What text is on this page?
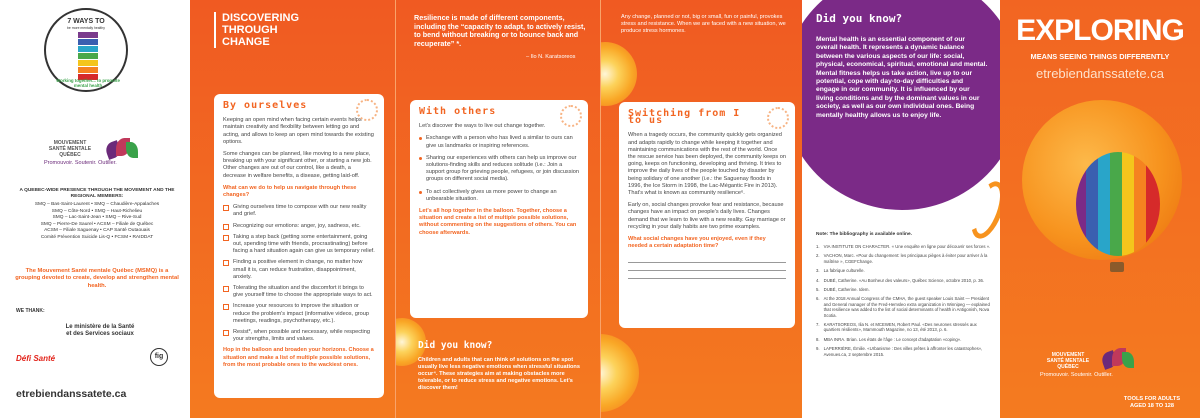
7 WAYS TO
be more mentally healthy
Working together... to promote mental health
MOUVEMENT
SANTÉ MENTALE
QUÉBEC
Promouvoir. Soutenir. Outiller.
A QUEBEC-WIDE PRESENCE THROUGH THE MOVEMENT AND THE REGIONAL MEMBERS:
SMQ – Bas-Saint-Laurent • SMQ – Chaudière-Appalaches
SMQ – Côte-Nord • SMQ – Haut-Richelieu
SMQ – Lac-Saint-Jean • SMQ – Rive-Sud
SMQ – Pierre-De Saurel • ACSM – Filiale de Québec
ACSM – Filiale Saguenay • CAP Santé Outaouais
Comité Prévention Suicide Lis-Q • FCSM • RAIDDAT
The Mouvement Santé mentale Québec (MSMQ) is a grouping devoted to create, develop and strengthen mental health.
WE THANK:
Le ministère de la Santé
et des Services sociaux
Défi Santé	fig
etrebiendanssatete.ca
DISCOVERING
THROUGH
CHANGE
By ourselves

Keeping an open mind when facing certain events helps maintain creativity and flexibility between letting go and acting, and allows to keep an open mind towards the existing options.

Some changes can be planned, like moving to a new place, breaking up with your significant other, or starting a new job. Other changes are out of our control, like a death, a decrease in welfare benefits, a disease, getting laid-off.

What can we do to help us navigate through these changes?

Giving ourselves time to compose with our new reality and grief.
Recognizing our emotions: anger, joy, sadness, etc.
Taking a step back (getting some entertainment, going out, spending time with friends, procrastinating) before facing a hard situation again can give us temporary relief.
Finding a positive element in change, no matter how small it is, can reduce frustration, disappointment, anxiety.
Tolerating the situation and the discomfort it brings to give yourself time to choose the appropriate ways to act.
Increase your resources to improve the situation or reduce the problem's impact (informative videos, group meetings, readings, psychotherapy, etc.).
Resist*, when possible and necessary, while respecting your strengths, limits and values.

Hop in the balloon and broaden your horizons. Choose a situation and make a list of multiple possible solutions, from the most probable ones to the wackiest ones.

Resilience is made of different components, including the “capacity to adapt, to actively resist, to bend without breaking or to bounce back and recuperate” *.
– Ilo N. Karatsoreos
With others

Let's discover the ways to live out change together.

Exchange with a person who has lived a similar to ours can give us landmarks or inspiring references.
Sharing our experiences with others can help us improve our solutions-finding skills and reduces solitude (i.e.: Join a support group for grieving people, refugees, or join discussion groups on different social media).
To act collectively gives us more power to change an unbearable situation.

Let's all hop together in the balloon. Together, choose a situation and create a list of multiple possible solutions, without commenting on the suggestions of others. You can choose afterwards.

Did you know?
Children and adults that can think of solutions on the spot usually live less negative emotions when stressful situations occur⁴. These strategies aim at making obstacles more tolerable, or to reduce stress and negative emotions. Let's discover them!
Any change, planned or not, big or small, fun or painful, provokes stress and resistance. When we are faced with a new situation, we produce stress hormones.
Switching from I to us

When a tragedy occurs, the community quickly gets organized and adapts rapidly to change while keeping it together and maintaining communications with the rest of the world. Once the rescue service has been deployed, the community keeps on going, keeps on functioning, developing and thriving. It tries to improve the daily lives of the people touched by disaster by being solidary of one another (i.e.: the Saguenay floods in 1996, the Ice Storm in 1998, the Lac-Mégantic Fire in 2013). That's what is known as community resilience⁶.

Early on, social changes provoke fear and resistance, because changes have an impact on people's daily lives. Changes demand that we learn to live with a new reality. Gay marriage or recycling in your daily habits are two prime examples.

What social changes have you enjoyed, even if they needed a certain adaptation time?

Did you know?
Mental health is an essential component of our overall health. It represents a dynamic balance between the various aspects of our life: social, physical, economical, spiritual, emotional and mental. Mental fitness helps us take action, live up to our potential, cope with day-to-day difficulties and engage in our community. It is influenced by our living conditions and by the dominant values in our society, as well as our own individual ones. Being mentally healthy allows us to enjoy life.
Note: The bibliography is available online.
1. VIA INSTITUTE ON CHARACTER. « Une enquête en ligne pour découvrir ses forces ».
2. VACHON, Marc. «Pour du changement: les principaux pièges à éviter pour arriver à la maîtrise », CGEFChange.
3. La fabrique culturelle.
4. DUBÉ, Catherine. «Au Bonheur des valeurs», Québec Science, octobre 2010, p. 36.
5. DUBÉ, Catherine. Idem.
6. At the 2018 Annual Congress of the CMHA, the guest speaker Louis Saint — President and General manager of the Fred-Hemsleo extra organization in Winnipeg — explained that resilience was added to the list of social determinants of health in Antigonish, Nova Scotia.
7. KARATSOREOS, Ilia N. et MCEWEN, Robert Paul. «Des neurones stressés aux quartiers résilients», Mammouth Magazine, no 13, été 2013, p. 6.
8. MBA INRA. Brian. Les états de l'âge : Le concept d'adaptation «coping».
9. LAPERRIÈRE, Émilie. «Urbanisme : Des villes prêtes à affronter les catastrophes», Avenues.ca, 2 septembre 2015.
EXPLORING
MEANS SEEING THINGS DIFFERENTLY
etrebiendanssatete.ca
MOUVEMENT
SANTÉ MENTALE
QUÉBEC
Promouvoir. Soutenir. Outiller.
TOOLS FOR ADULTS
AGED 18 TO 128
